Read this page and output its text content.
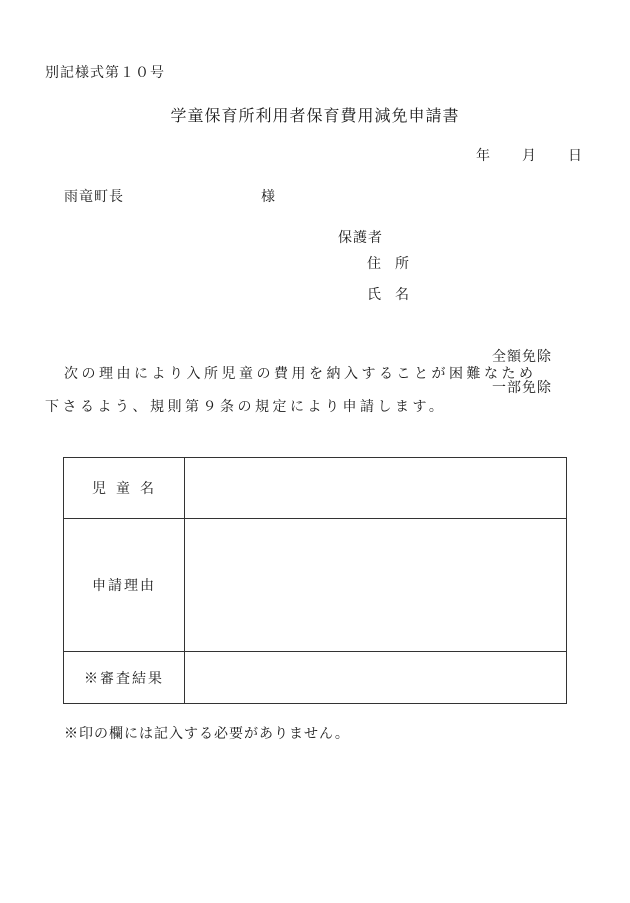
別記様式第１０号
学童保育所利用者保育費用減免申請書
年 月 日
雨竜町長	様
保護者
住所
氏名
全額免除
次の理由により入所児童の費用を納入することが困難なため
一部免除
下さるよう、規則第９条の規定により申請します。
児童名	
申請理由	
※審査結果	
※印の欄には記入する必要がありません。
